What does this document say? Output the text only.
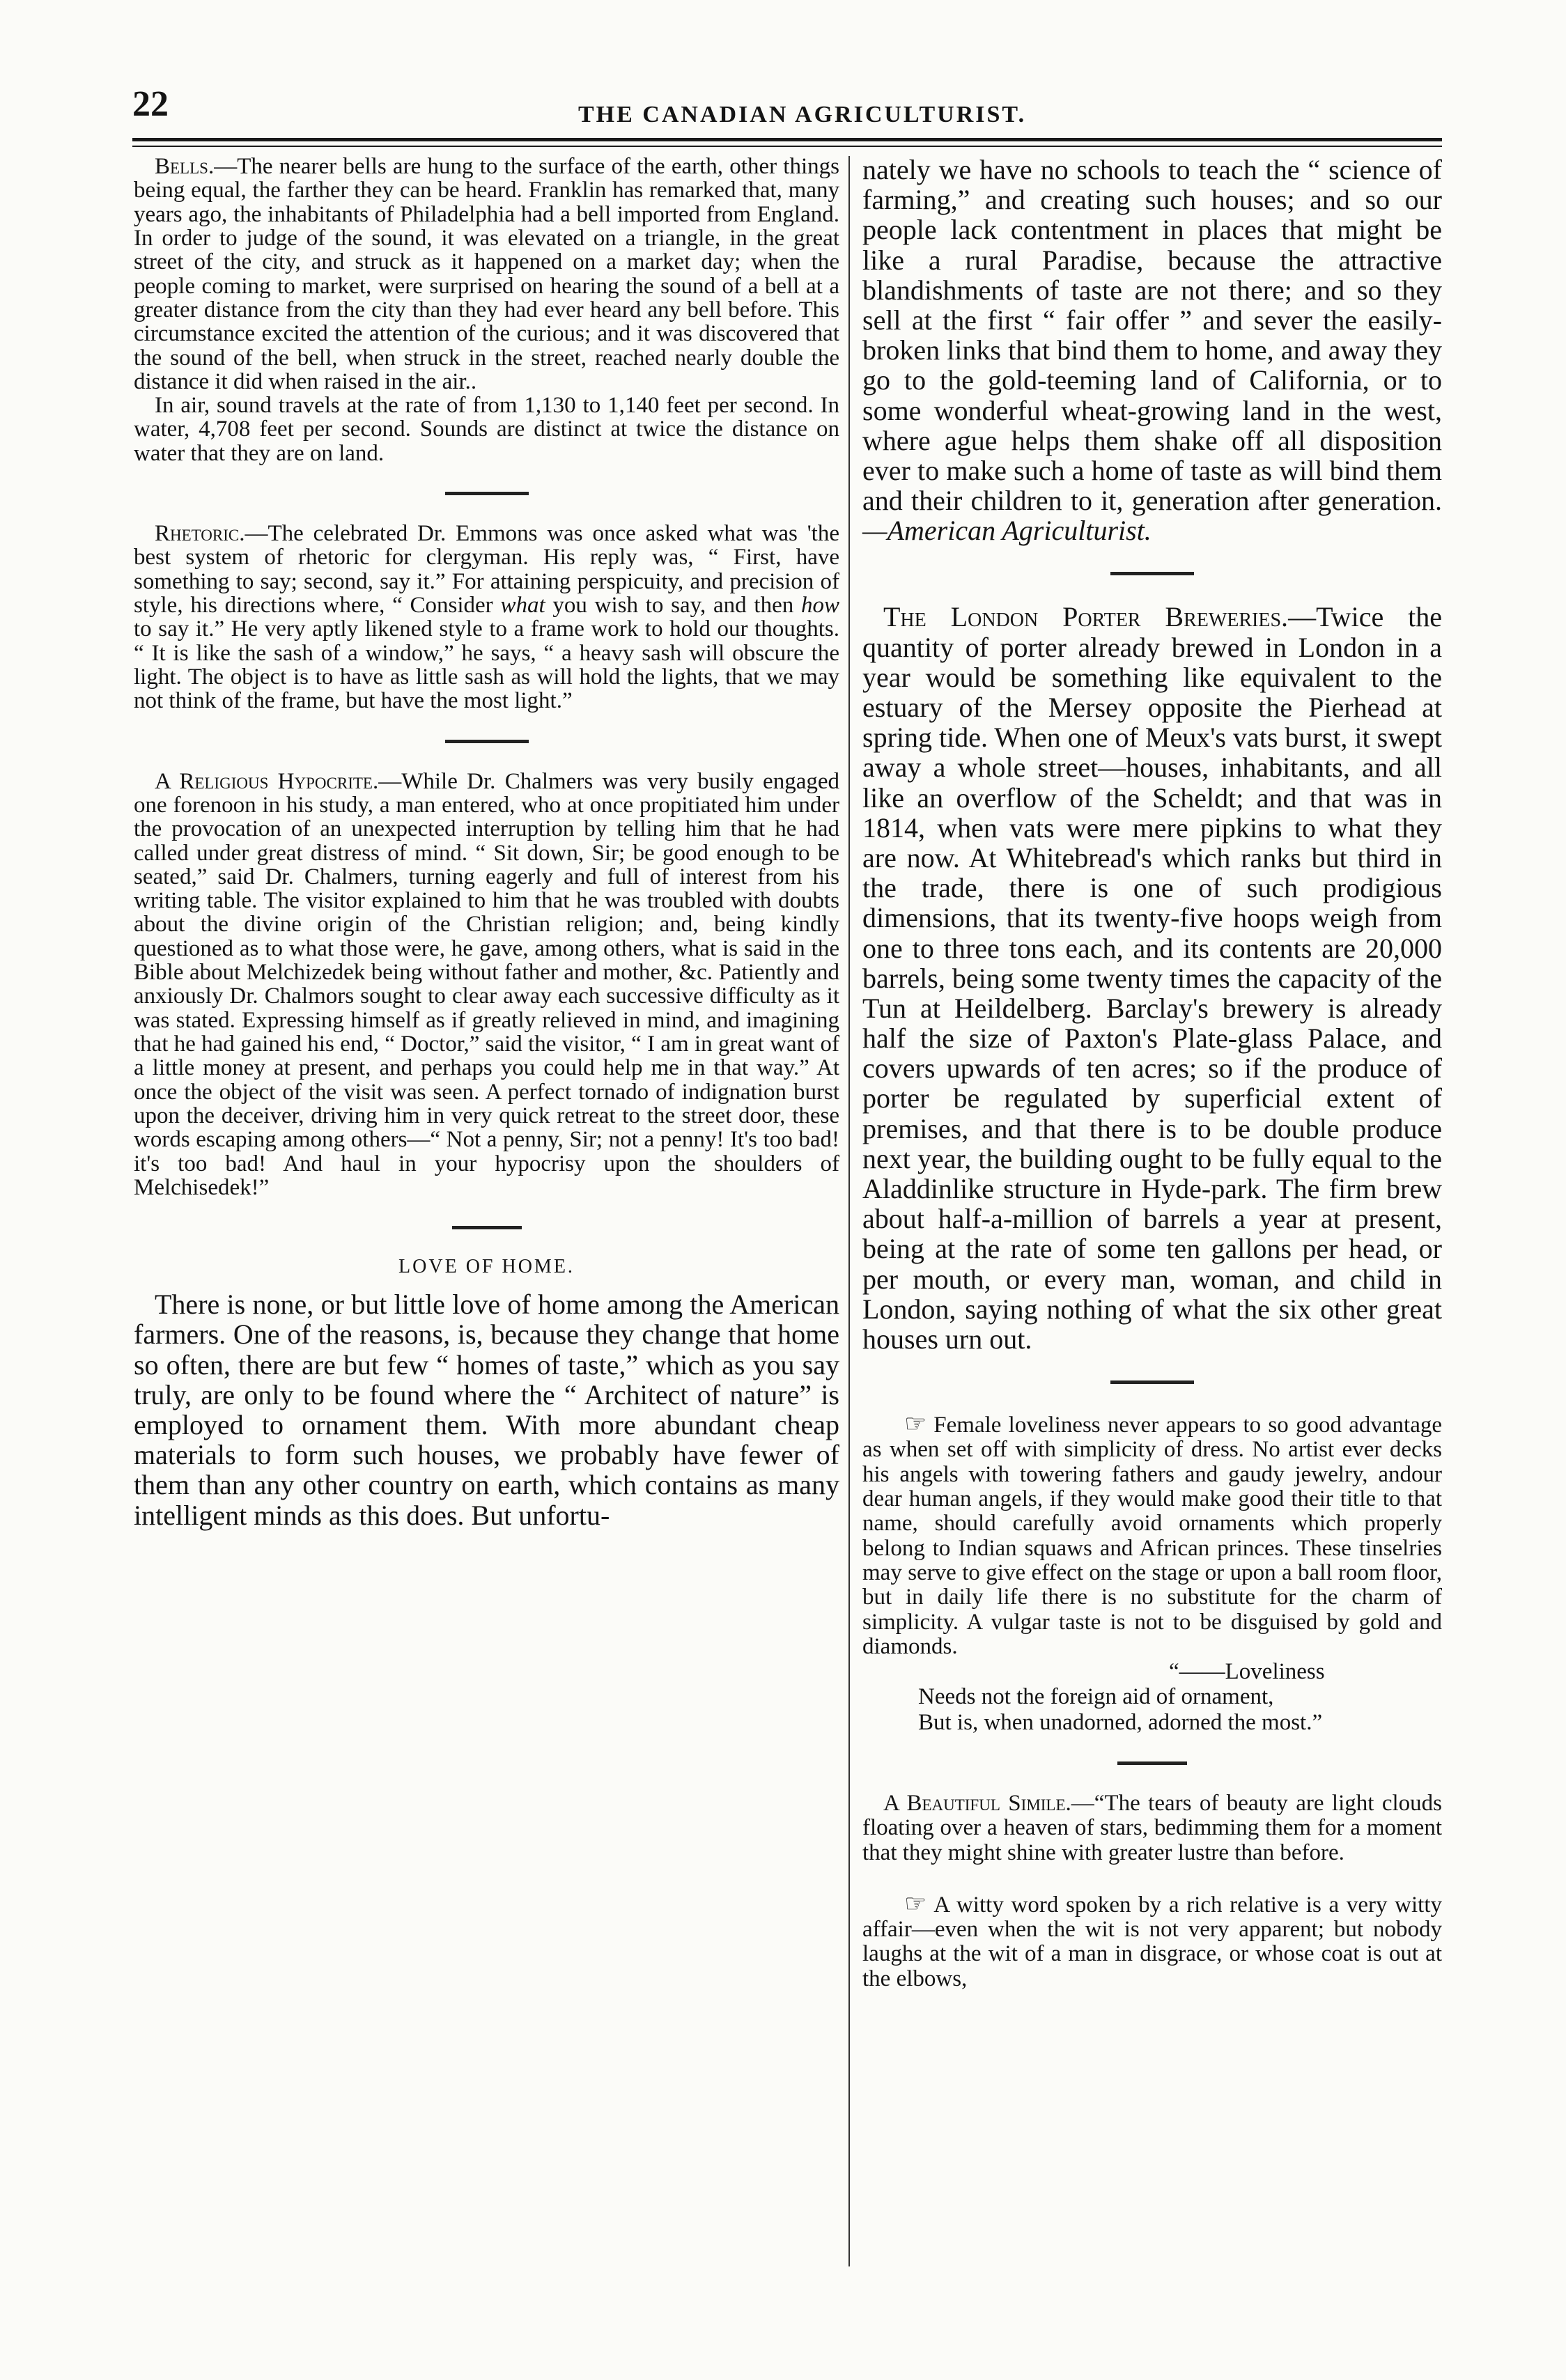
22	THE CANADIAN AGRICULTURIST.

Bells.—The nearer bells are hung to the surface of the earth, other things being equal, the farther they can be heard. Franklin has remarked that, many years ago, the inhabitants of Philadelphia had a bell imported from England. In order to judge of the sound, it was elevated on a triangle, in the great street of the city, and struck as it happened on a market day; when the people coming to market, were surprised on hearing the sound of a bell at a greater distance from the city than they had ever heard any bell before. This circumstance excited the attention of the curious; and it was discovered that the sound of the bell, when struck in the street, reached nearly double the distance it did when raised in the air..

In air, sound travels at the rate of from 1,130 to 1,140 feet per second. In water, 4,708 feet per second. Sounds are distinct at twice the distance on water that they are on land.

Rhetoric.—The celebrated Dr. Emmons was once asked what was 'the best system of rhetoric for clergyman. His reply was, “ First, have something to say; second, say it.” For attaining perspicuity, and precision of style, his directions where, “ Consider what you wish to say, and then how to say it.” He very aptly likened style to a frame work to hold our thoughts. “ It is like the sash of a window,” he says, “ a heavy sash will obscure the light. The object is to have as little sash as will hold the lights, that we may not think of the frame, but have the most light.”

A Religious Hypocrite.—While Dr. Chalmers was very busily engaged one forenoon in his study, a man entered, who at once propitiated him under the provocation of an unexpected interruption by telling him that he had called under great distress of mind. “ Sit down, Sir; be good enough to be seated,” said Dr. Chalmers, turning eagerly and full of interest from his writing table. The visitor explained to him that he was troubled with doubts about the divine origin of the Christian religion; and, being kindly questioned as to what those were, he gave, among others, what is said in the Bible about Melchizedek being without father and mother, &c. Patiently and anxiously Dr. Chalmors sought to clear away each successive difficulty as it was stated. Expressing himself as if greatly relieved in mind, and imagining that he had gained his end, “ Doctor,” said the visitor, “ I am in great want of a little money at present, and perhaps you could help me in that way.” At once the object of the visit was seen. A perfect tornado of indignation burst upon the deceiver, driving him in very quick retreat to the street door, these words escaping among others—“ Not a penny, Sir; not a penny! It's too bad! it's too bad! And haul in your hypocrisy upon the shoulders of Melchisedek!”

LOVE OF HOME.

There is none, or but little love of home among the American farmers. One of the reasons, is, because they change that home so often, there are but few “ homes of taste,” which as you say truly, are only to be found where the “ Architect of nature” is employed to ornament them. With more abundant cheap materials to form such houses, we probably have fewer of them than any other country on earth, which contains as many intelligent minds as this does. But unfortu-

nately we have no schools to teach the “ science of farming,” and creating such houses; and so our people lack contentment in places that might be like a rural Paradise, because the attractive blandishments of taste are not there; and so they sell at the first “ fair offer ” and sever the easily-broken links that bind them to home, and away they go to the gold-teeming land of California, or to some wonderful wheat-growing land in the west, where ague helps them shake off all disposition ever to make such a home of taste as will bind them and their children to it, generation after generation.—American Agriculturist.

The London Porter Breweries.—Twice the quantity of porter already brewed in London in a year would be something like equivalent to the estuary of the Mersey opposite the Pierhead at spring tide. When one of Meux's vats burst, it swept away a whole street—houses, inhabitants, and all like an overflow of the Scheldt; and that was in 1814, when vats were mere pipkins to what they are now. At Whitebread's which ranks but third in the trade, there is one of such prodigious dimensions, that its twenty-five hoops weigh from one to three tons each, and its contents are 20,000 barrels, being some twenty times the capacity of the Tun at Heildelberg. Barclay's brewery is already half the size of Paxton's Plate-glass Palace, and covers upwards of ten acres; so if the produce of porter be regulated by superficial extent of premises, and that there is to be double produce next year, the building ought to be fully equal to the Aladdinlike structure in Hyde-park. The firm brew about half-a-million of barrels a year at present, being at the rate of some ten gallons per head, or per mouth, or every man, woman, and child in London, saying nothing of what the six other great houses urn out.

☞ Female loveliness never appears to so good advantage as when set off with simplicity of dress. No artist ever decks his angels with towering fathers and gaudy jewelry, andour dear human angels, if they would make good their title to that name, should carefully avoid ornaments which properly belong to Indian squaws and African princes. These tinselries may serve to give effect on the stage or upon a ball room floor, but in daily life there is no substitute for the charm of simplicity. A vulgar taste is not to be disguised by gold and diamonds.

“——Loveliness
Needs not the foreign aid of ornament,
But is, when unadorned, adorned the most.”

A Beautiful Simile.—“The tears of beauty are light clouds floating over a heaven of stars, bedimming them for a moment that they might shine with greater lustre than before.

☞ A witty word spoken by a rich relative is a very witty affair—even when the wit is not very apparent; but nobody laughs at the wit of a man in disgrace, or whose coat is out at the elbows,
